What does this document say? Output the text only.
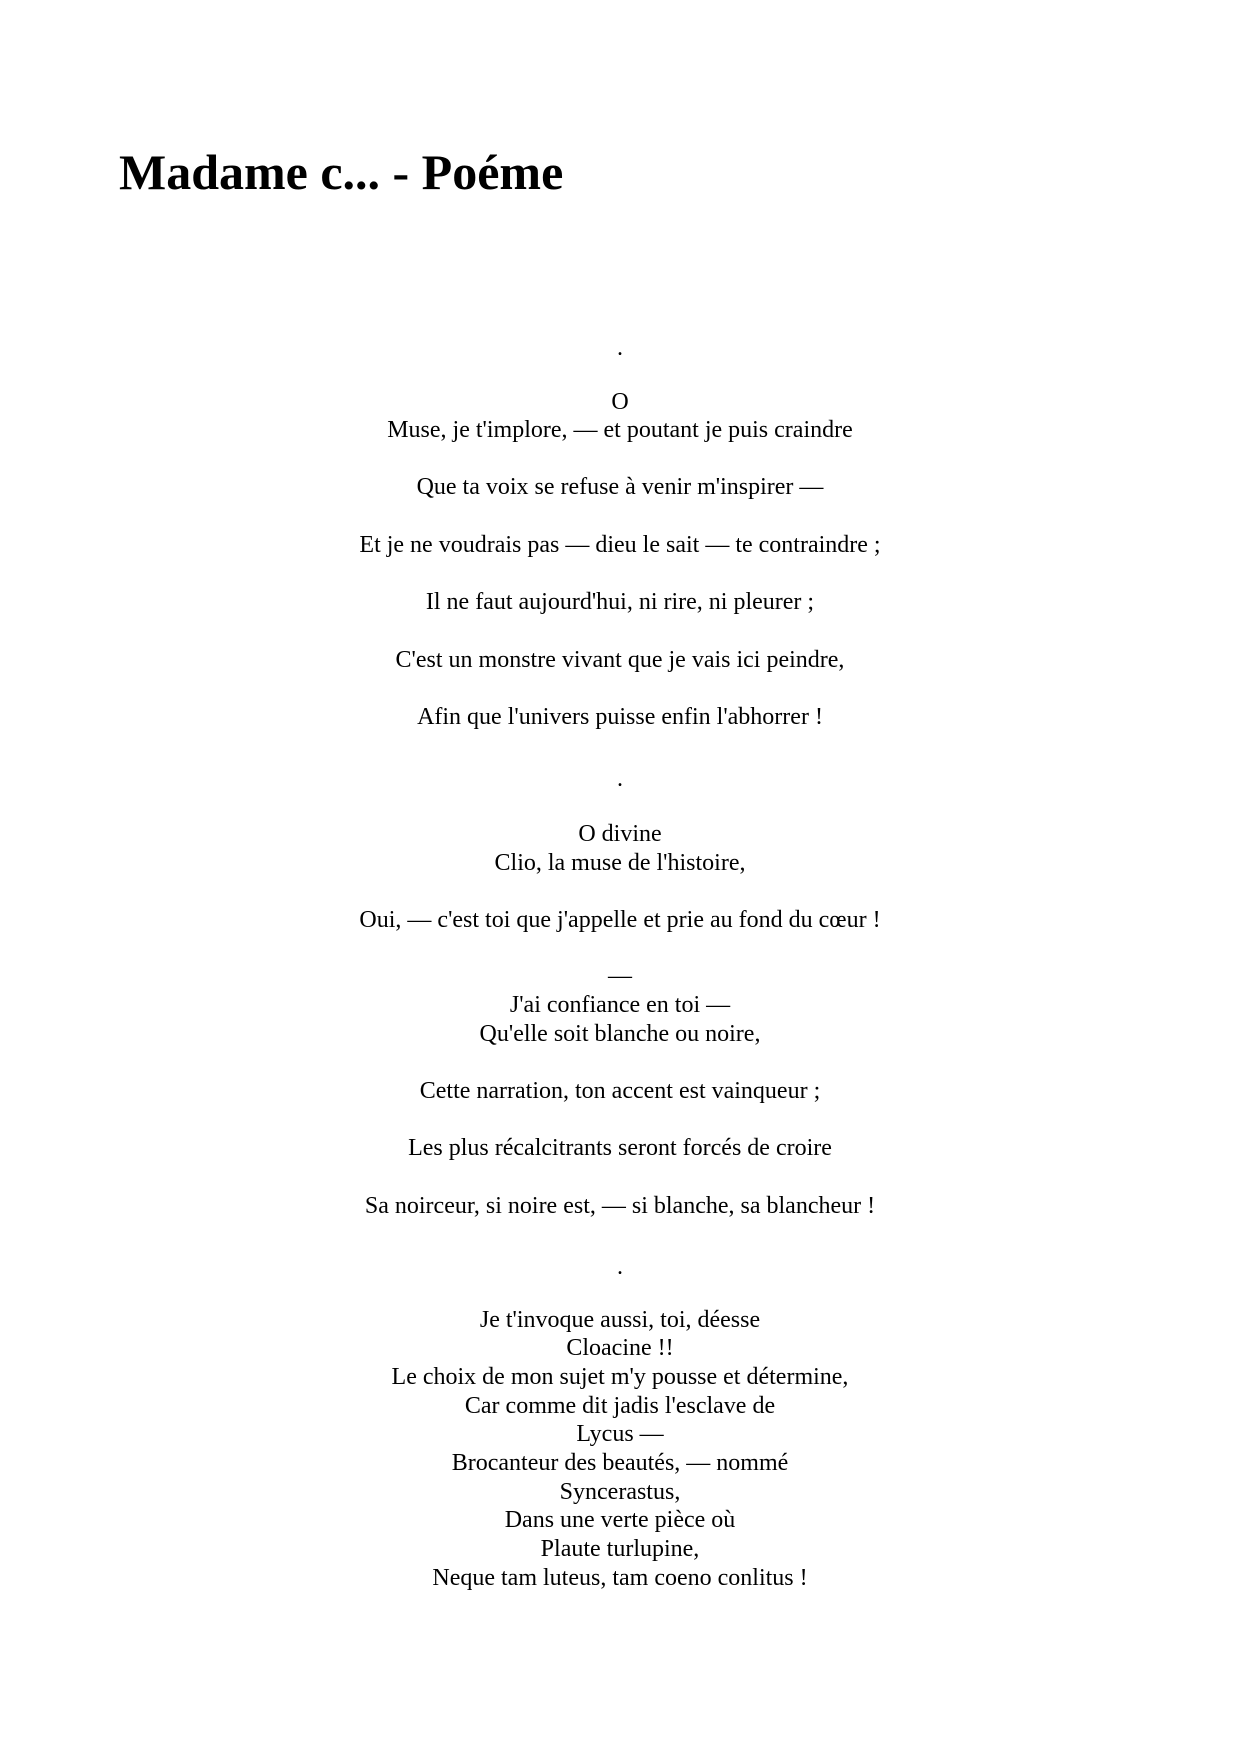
Madame c... - Poéme
.
O
Muse, je t'implore, — et poutant je puis craindre
Que ta voix se refuse à venir m'inspirer —
Et je ne voudrais pas — dieu le sait — te contraindre ;
Il ne faut aujourd'hui, ni rire, ni pleurer ;
C'est un monstre vivant que je vais ici peindre,
Afin que l'univers puisse enfin l'abhorrer !
.
O divine
Clio, la muse de l'histoire,
Oui, — c'est toi que j'appelle et prie au fond du cœur !
—
J'ai confiance en toi —
Qu'elle soit blanche ou noire,
Cette narration, ton accent est vainqueur ;
Les plus récalcitrants seront forcés de croire
Sa noirceur, si noire est, — si blanche, sa blancheur !
.
Je t'invoque aussi, toi, déesse
Cloacine !!
Le choix de mon sujet m'y pousse et détermine,
Car comme dit jadis l'esclave de
Lycus —
Brocanteur des beautés, — nommé
Syncerastus,
Dans une verte pièce où
Plaute turlupine,
Neque tam luteus, tam coeno conlitus !
